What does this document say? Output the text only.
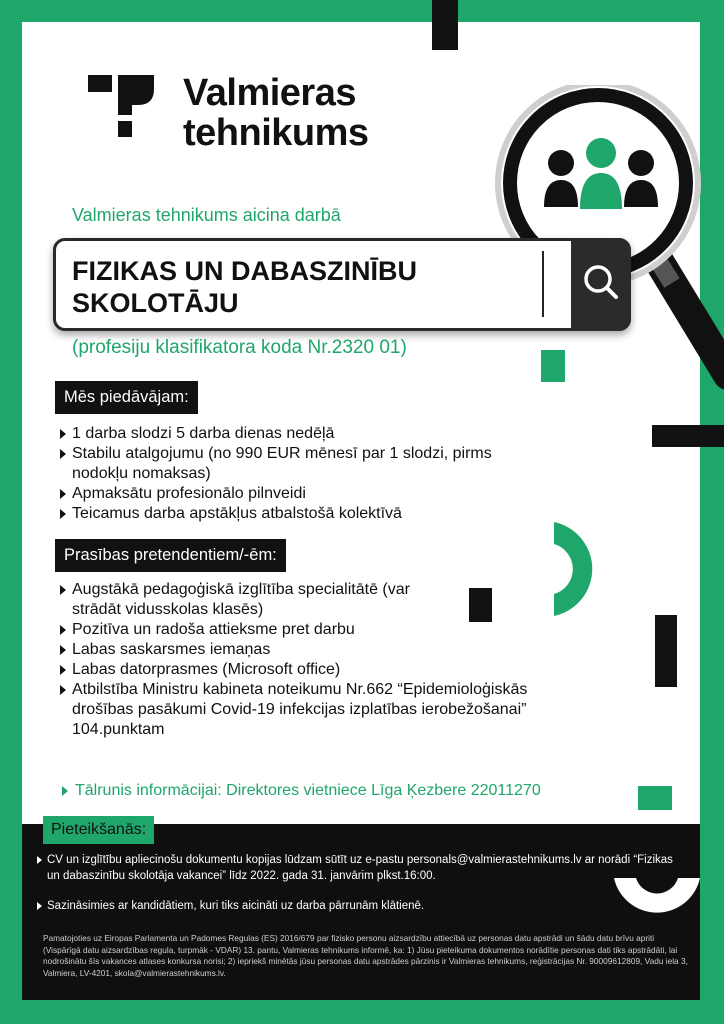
Valmieras
tehnikums
Valmieras tehnikums aicina darbā
FIZIKAS UN DABASZINĪBU
SKOLOTĀJU
(profesiju klasifikatora koda Nr.2320 01)
Mēs piedāvājam:
1 darba slodzi 5 darba dienas nedēļā
Stabilu atalgojumu (no 990 EUR mēnesī par 1 slodzi, pirms nodokļu nomaksas)
Apmaksātu profesionālo pilnveidi
Teicamus darba apstākļus atbalstošā kolektīvā
Prasības pretendentiem/-ēm:
Augstākā pedagoģiskā izglītība specialitātē (var strādāt vidusskolas klasēs)
Pozitīva un radoša attieksme pret darbu
Labas saskarsmes iemaņas
Labas datorprasmes (Microsoft office)
Atbilstība Ministru kabineta noteikumu Nr.662 “Epidemioloģiskās drošības pasākumi Covid-19 infekcijas izplatības ierobežošanai” 104.punktam
Tālrunis informācijai: Direktores vietniece Līga Ķezbere 22011270
Pieteikšanās:
CV un izglītību apliecinošu dokumentu kopijas lūdzam sūtīt uz e-pastu personals@valmierastehnikums.lv ar norādi “Fizikas un dabaszinību skolotāja vakancei” līdz 2022. gada 31. janvārim plkst.16:00.
Sazināsimies ar kandidātiem, kuri tiks aicināti uz darba pārrunām klātienē.
Pamatojoties uz Eiropas Parlamenta un Padomes Regulas (ES) 2016/679 par fizisko personu aizsardzību attiecībā uz personas datu apstrādi un šādu datu brīvu apriti (Vispārīgā datu aizsardzības regula, turpmāk - VDAR) 13. pantu, Valmieras tehnikums informē, ka: 1) Jūsu pieteikuma dokumentos norādītie personas dati tiks apstrādāti, lai nodrošinātu šīs vakances atlases konkursa norisi; 2) iepriekš minētās jūsu personas datu apstrādes pārzinis ir Valmieras tehnikums, reģistrācijas Nr. 90009612809, Vadu iela 3, Valmiera, LV-4201, skola@valmierastehnikums.lv.
